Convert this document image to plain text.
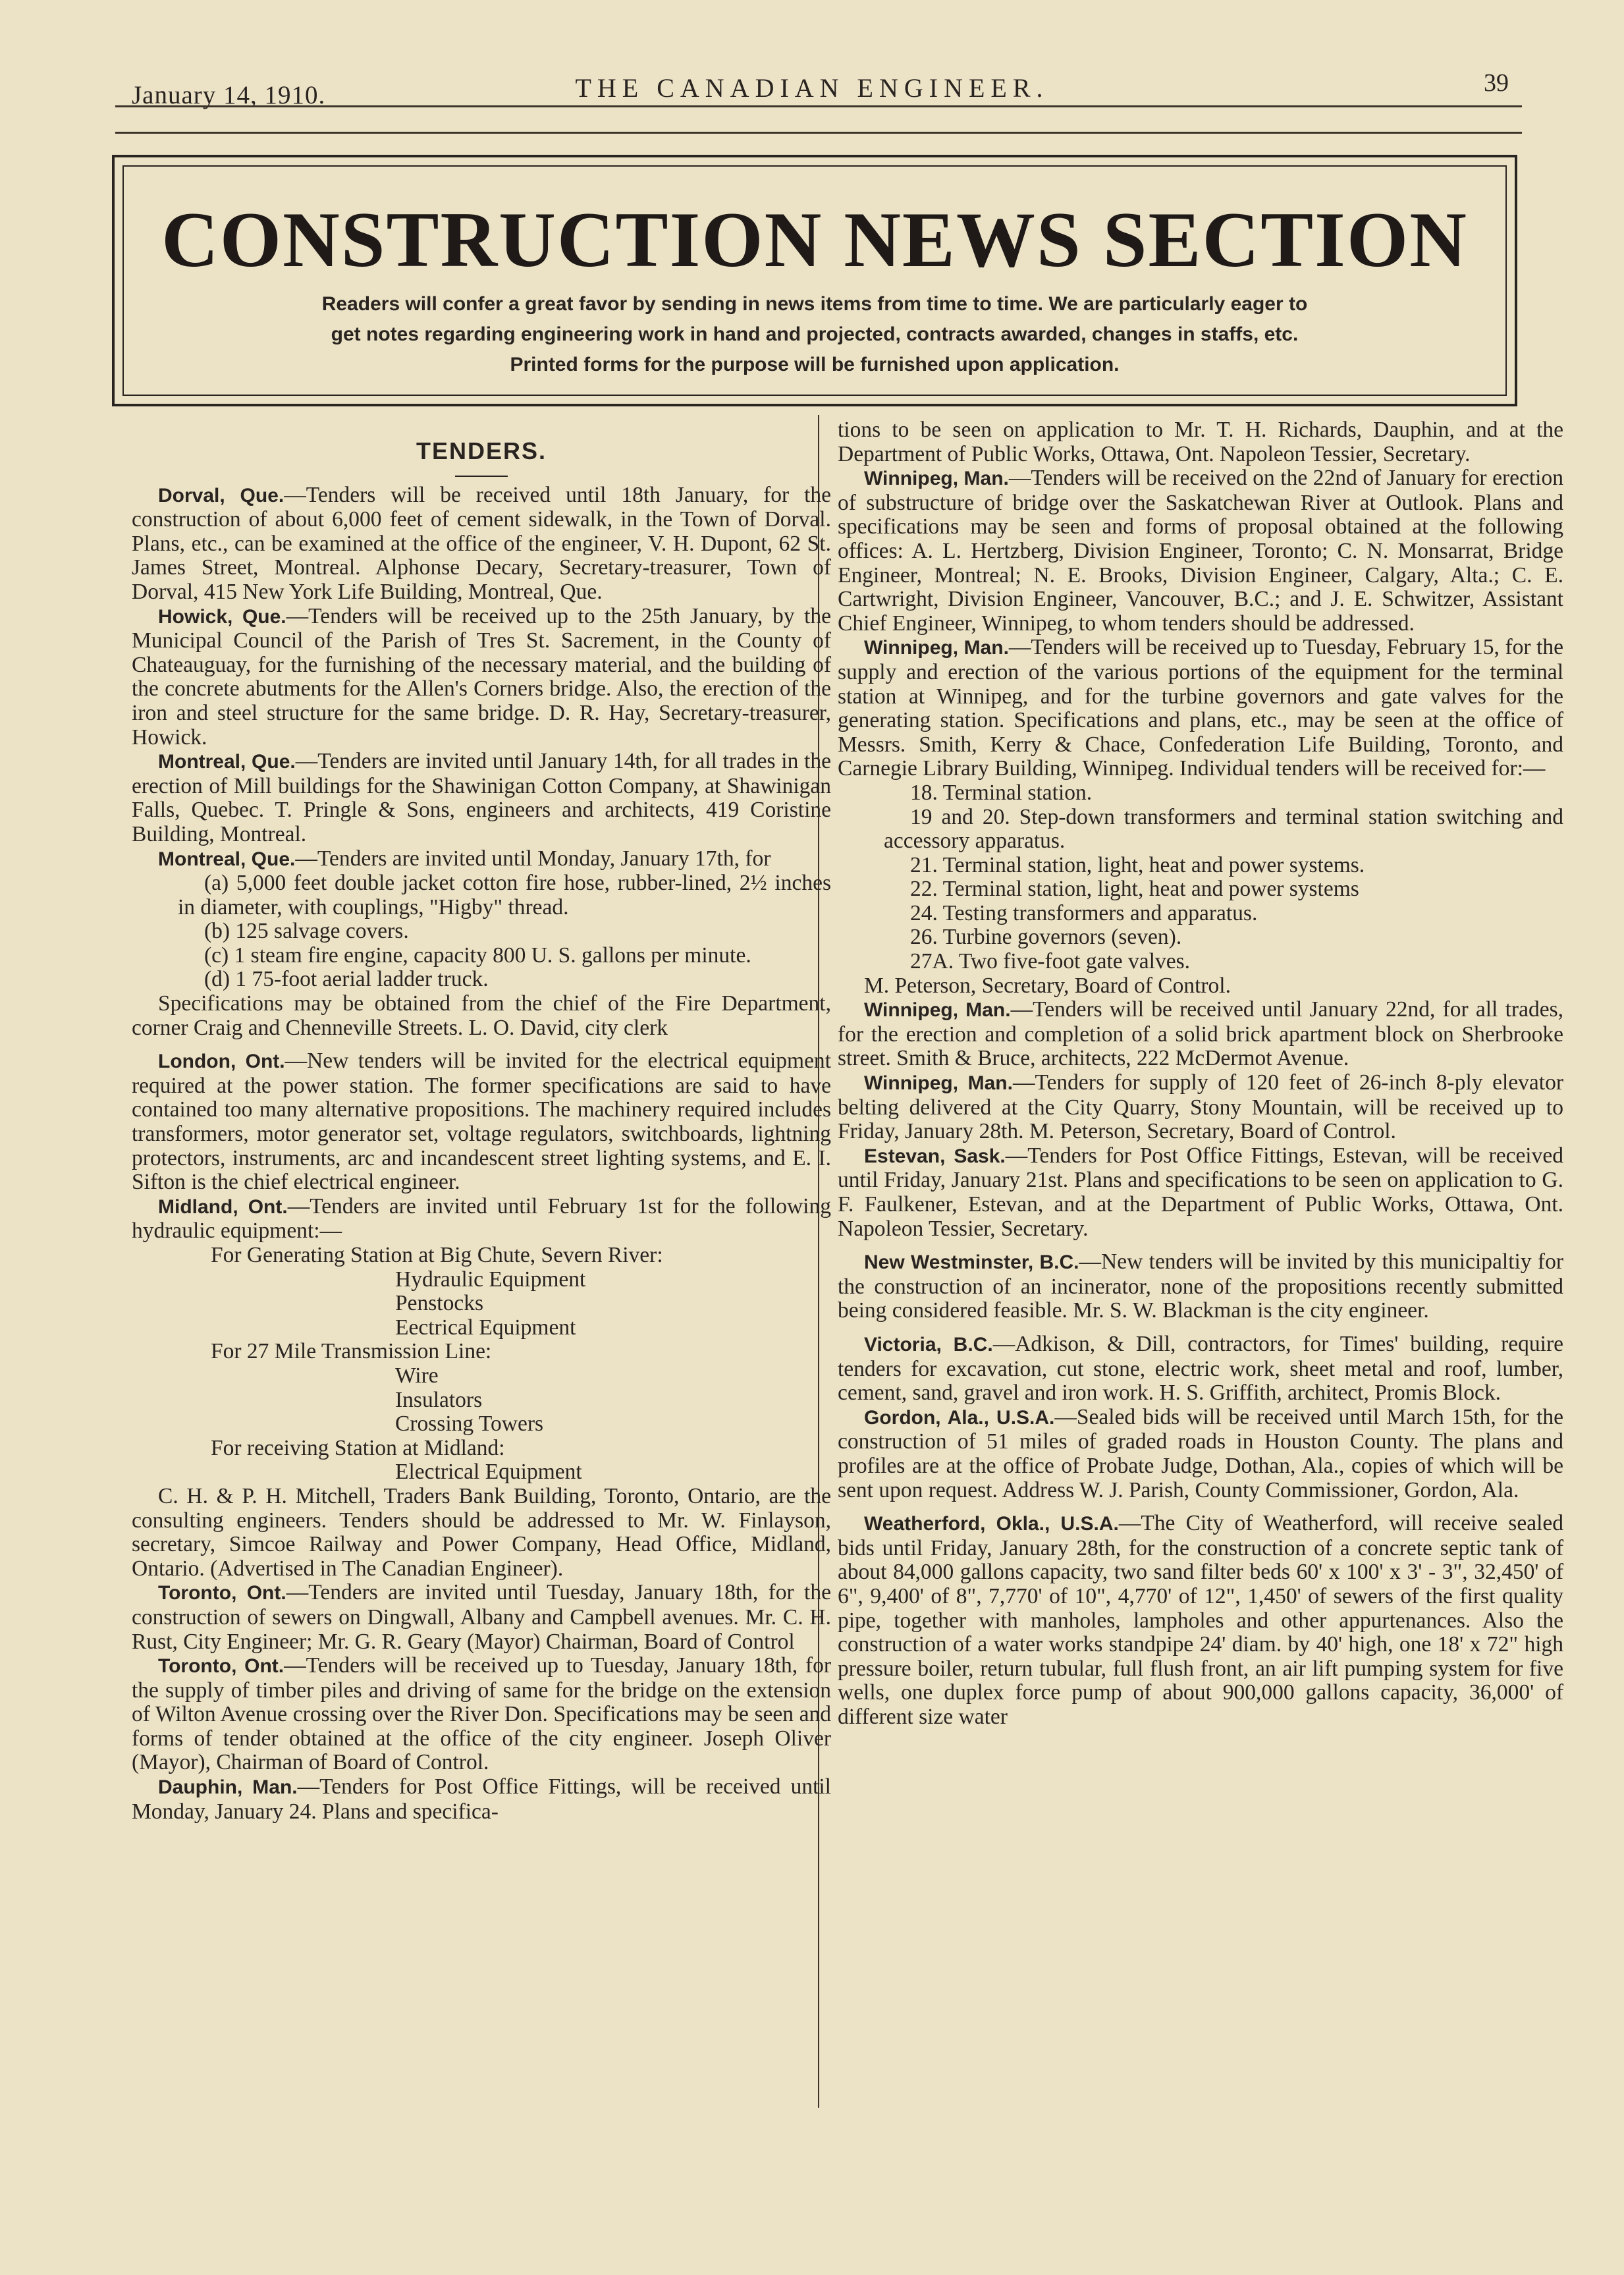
January 14, 1910.	THE CANADIAN ENGINEER.	39
CONSTRUCTION NEWS SECTION
Readers will confer a great favor by sending in news items from time to time. We are particularly eager to
get notes regarding engineering work in hand and projected, contracts awarded, changes in staffs, etc.
Printed forms for the purpose will be furnished upon application.
TENDERS.

Dorval, Que.—Tenders will be received until 18th January, for the construction of about 6,000 feet of cement sidewalk, in the Town of Dorval. Plans, etc., can be examined at the office of the engineer, V. H. Dupont, 62 St. James Street, Montreal. Alphonse Decary, Secretary-treasurer, Town of Dorval, 415 New York Life Building, Montreal, Que.

Howick, Que.—Tenders will be received up to the 25th January, by the Municipal Council of the Parish of Tres St. Sacrement, in the County of Chateauguay, for the furnishing of the necessary material, and the building of the concrete abutments for the Allen's Corners bridge. Also, the erection of the iron and steel structure for the same bridge. D. R. Hay, Secretary-treasurer, Howick.

Montreal, Que.—Tenders are invited until January 14th, for all trades in the erection of Mill buildings for the Shawinigan Cotton Company, at Shawinigan Falls, Quebec. T. Pringle & Sons, engineers and architects, 419 Coristine Building, Montreal.

Montreal, Que.—Tenders are invited until Monday, January 17th, for

(a) 5,000 feet double jacket cotton fire hose, rubber-lined, 2½ inches in diameter, with couplings, "Higby" thread.

(b) 125 salvage covers.

(c) 1 steam fire engine, capacity 800 U. S. gallons per minute.

(d) 1 75-foot aerial ladder truck.

Specifications may be obtained from the chief of the Fire Department, corner Craig and Chenneville Streets. L. O. David, city clerk

London, Ont.—New tenders will be invited for the electrical equipment required at the power station. The former specifications are said to have contained too many alternative propositions. The machinery required includes transformers, motor generator set, voltage regulators, switchboards, lightning protectors, instruments, arc and incandescent street lighting systems, and E. I. Sifton is the chief electrical engineer.

Midland, Ont.—Tenders are invited until February 1st for the following hydraulic equipment:—

For Generating Station at Big Chute, Severn River:

Hydraulic Equipment

Penstocks

Eectrical Equipment

For 27 Mile Transmission Line:

Wire

Insulators

Crossing Towers

For receiving Station at Midland:

Electrical Equipment

C. H. & P. H. Mitchell, Traders Bank Building, Toronto, Ontario, are the consulting engineers. Tenders should be addressed to Mr. W. Finlayson, secretary, Simcoe Railway and Power Company, Head Office, Midland, Ontario. (Advertised in The Canadian Engineer).

Toronto, Ont.—Tenders are invited until Tuesday, January 18th, for the construction of sewers on Dingwall, Albany and Campbell avenues. Mr. C. H. Rust, City Engineer; Mr. G. R. Geary (Mayor) Chairman, Board of Control

Toronto, Ont.—Tenders will be received up to Tuesday, January 18th, for the supply of timber piles and driving of same for the bridge on the extension of Wilton Avenue crossing over the River Don. Specifications may be seen and forms of tender obtained at the office of the city engineer. Joseph Oliver (Mayor), Chairman of Board of Control.

Dauphin, Man.—Tenders for Post Office Fittings, will be received until Monday, January 24. Plans and specifica-

tions to be seen on application to Mr. T. H. Richards, Dauphin, and at the Department of Public Works, Ottawa, Ont. Napoleon Tessier, Secretary.

Winnipeg, Man.—Tenders will be received on the 22nd of January for erection of substructure of bridge over the Saskatchewan River at Outlook. Plans and specifications may be seen and forms of proposal obtained at the following offices: A. L. Hertzberg, Division Engineer, Toronto; C. N. Monsarrat, Bridge Engineer, Montreal; N. E. Brooks, Division Engineer, Calgary, Alta.; C. E. Cartwright, Division Engineer, Vancouver, B.C.; and J. E. Schwitzer, Assistant Chief Engineer, Winnipeg, to whom tenders should be addressed.

Winnipeg, Man.—Tenders will be received up to Tuesday, February 15, for the supply and erection of the various portions of the equipment for the terminal station at Winnipeg, and for the turbine governors and gate valves for the generating station. Specifications and plans, etc., may be seen at the office of Messrs. Smith, Kerry & Chace, Confederation Life Building, Toronto, and Carnegie Library Building, Winnipeg. Individual tenders will be received for:—

18. Terminal station.

19 and 20. Step-down transformers and terminal station switching and accessory apparatus.

21. Terminal station, light, heat and power systems.

22. Terminal station, light, heat and power systems

24. Testing transformers and apparatus.

26. Turbine governors (seven).

27A. Two five-foot gate valves.

M. Peterson, Secretary, Board of Control.

Winnipeg, Man.—Tenders will be received until January 22nd, for all trades, for the erection and completion of a solid brick apartment block on Sherbrooke street. Smith & Bruce, architects, 222 McDermot Avenue.

Winnipeg, Man.—Tenders for supply of 120 feet of 26-inch 8-ply elevator belting delivered at the City Quarry, Stony Mountain, will be received up to Friday, January 28th. M. Peterson, Secretary, Board of Control.

Estevan, Sask.—Tenders for Post Office Fittings, Estevan, will be received until Friday, January 21st. Plans and specifications to be seen on application to G. F. Faulkener, Estevan, and at the Department of Public Works, Ottawa, Ont. Napoleon Tessier, Secretary.

New Westminster, B.C.—New tenders will be invited by this municipaltiy for the construction of an incinerator, none of the propositions recently submitted being considered feasible. Mr. S. W. Blackman is the city engineer.

Victoria, B.C.—Adkison, & Dill, contractors, for Times' building, require tenders for excavation, cut stone, electric work, sheet metal and roof, lumber, cement, sand, gravel and iron work. H. S. Griffith, architect, Promis Block.

Gordon, Ala., U.S.A.—Sealed bids will be received until March 15th, for the construction of 51 miles of graded roads in Houston County. The plans and profiles are at the office of Probate Judge, Dothan, Ala., copies of which will be sent upon request. Address W. J. Parish, County Commissioner, Gordon, Ala.

Weatherford, Okla., U.S.A.—The City of Weatherford, will receive sealed bids until Friday, January 28th, for the construction of a concrete septic tank of about 84,000 gallons capacity, two sand filter beds 60' x 100' x 3' - 3", 32,450' of 6", 9,400' of 8", 7,770' of 10", 4,770' of 12", 1,450' of sewers of the first quality pipe, together with manholes, lampholes and other appurtenances. Also the construction of a water works standpipe 24' diam. by 40' high, one 18' x 72" high pressure boiler, return tubular, full flush front, an air lift pumping system for five wells, one duplex force pump of about 900,000 gallons capacity, 36,000' of different size water
